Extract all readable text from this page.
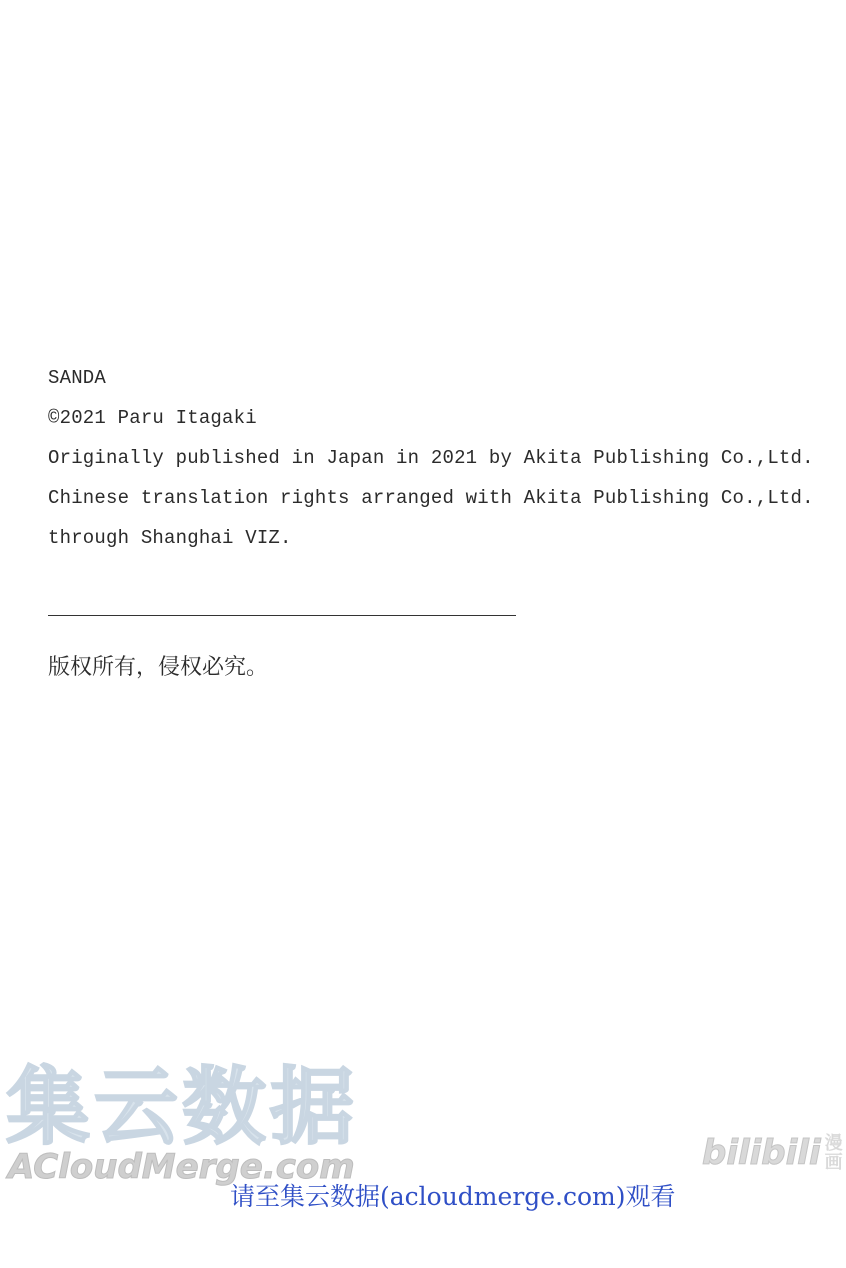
SANDA
©2021 Paru Itagaki
Originally published in Japan in 2021 by Akita Publishing Co.,Ltd.
Chinese translation rights arranged with Akita Publishing Co.,Ltd.
through Shanghai VIZ.
版权所有，侵权必究。
集云数据
ACloudMerge.com	bilibili 漫
画
请至集云数据(acloudmerge.com)观看
